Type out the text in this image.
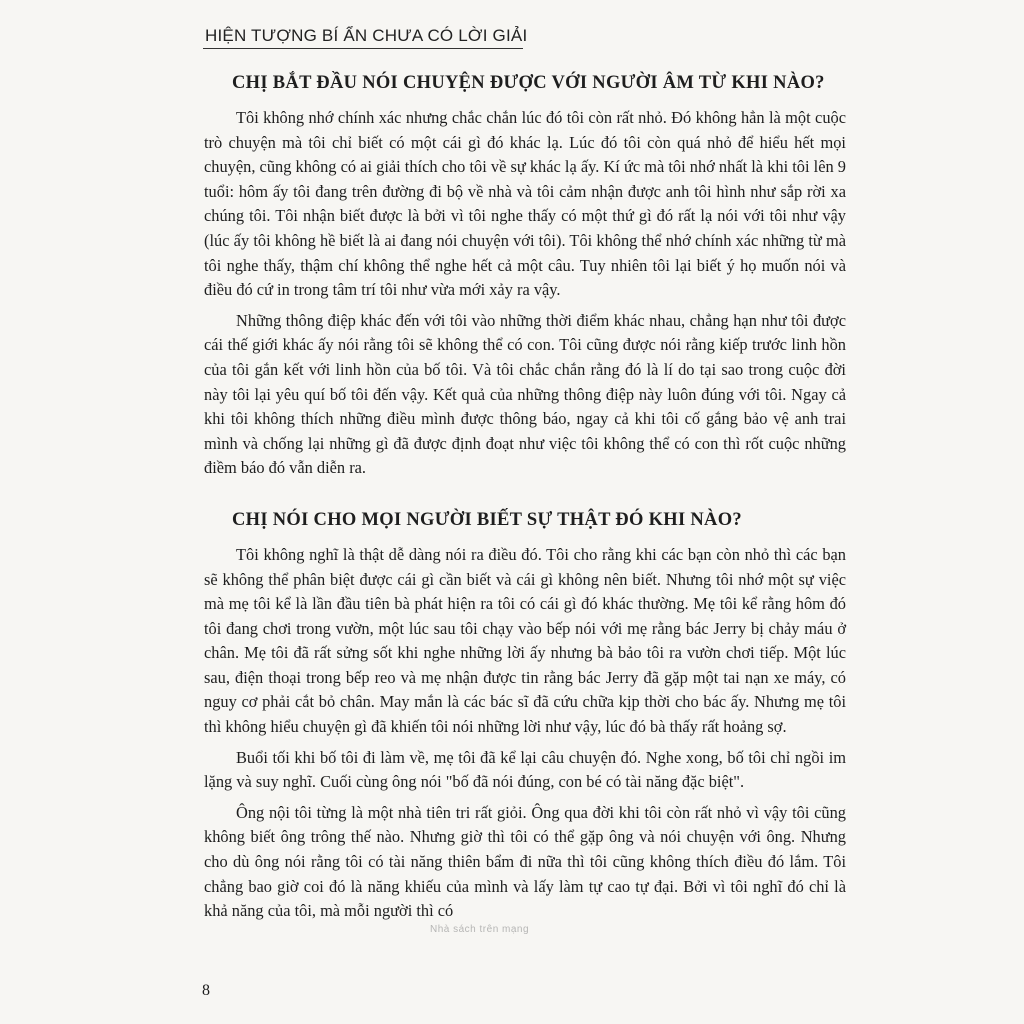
HIỆN TƯỢNG BÍ ẨN CHƯA CÓ LỜI GIẢI
CHỊ BẮT ĐẦU NÓI CHUYỆN ĐƯỢC VỚI NGƯỜI ÂM TỪ KHI NÀO?

Tôi không nhớ chính xác nhưng chắc chắn lúc đó tôi còn rất nhỏ. Đó không hẳn là một cuộc trò chuyện mà tôi chỉ biết có một cái gì đó khác lạ. Lúc đó tôi còn quá nhỏ để hiểu hết mọi chuyện, cũng không có ai giải thích cho tôi về sự khác lạ ấy. Kí ức mà tôi nhớ nhất là khi tôi lên 9 tuổi: hôm ấy tôi đang trên đường đi bộ về nhà và tôi cảm nhận được anh tôi hình như sắp rời xa chúng tôi. Tôi nhận biết được là bởi vì tôi nghe thấy có một thứ gì đó rất lạ nói với tôi như vậy (lúc ấy tôi không hề biết là ai đang nói chuyện với tôi). Tôi không thể nhớ chính xác những từ mà tôi nghe thấy, thậm chí không thể nghe hết cả một câu. Tuy nhiên tôi lại biết ý họ muốn nói và điều đó cứ in trong tâm trí tôi như vừa mới xảy ra vậy.

Những thông điệp khác đến với tôi vào những thời điểm khác nhau, chẳng hạn như tôi được cái thế giới khác ấy nói rằng tôi sẽ không thể có con. Tôi cũng được nói rằng kiếp trước linh hồn của tôi gắn kết với linh hồn của bố tôi. Và tôi chắc chắn rằng đó là lí do tại sao trong cuộc đời này tôi lại yêu quí bố tôi đến vậy. Kết quả của những thông điệp này luôn đúng với tôi. Ngay cả khi tôi không thích những điều mình được thông báo, ngay cả khi tôi cố gắng bảo vệ anh trai mình và chống lại những gì đã được định đoạt như việc tôi không thể có con thì rốt cuộc những điềm báo đó vẫn diễn ra.

CHỊ NÓI CHO MỌI NGƯỜI BIẾT SỰ THẬT ĐÓ KHI NÀO?

Tôi không nghĩ là thật dễ dàng nói ra điều đó. Tôi cho rằng khi các bạn còn nhỏ thì các bạn sẽ không thể phân biệt được cái gì cần biết và cái gì không nên biết. Nhưng tôi nhớ một sự việc mà mẹ tôi kể là lần đầu tiên bà phát hiện ra tôi có cái gì đó khác thường. Mẹ tôi kể rằng hôm đó tôi đang chơi trong vườn, một lúc sau tôi chạy vào bếp nói với mẹ rằng bác Jerry bị chảy máu ở chân. Mẹ tôi đã rất sửng sốt khi nghe những lời ấy nhưng bà bảo tôi ra vườn chơi tiếp. Một lúc sau, điện thoại trong bếp reo và mẹ nhận được tin rằng bác Jerry đã gặp một tai nạn xe máy, có nguy cơ phải cắt bỏ chân. May mắn là các bác sĩ đã cứu chữa kịp thời cho bác ấy. Nhưng mẹ tôi thì không hiểu chuyện gì đã khiến tôi nói những lời như vậy, lúc đó bà thấy rất hoảng sợ.

Buổi tối khi bố tôi đi làm về, mẹ tôi đã kể lại câu chuyện đó. Nghe xong, bố tôi chỉ ngồi im lặng và suy nghĩ. Cuối cùng ông nói "bố đã nói đúng, con bé có tài năng đặc biệt".

Ông nội tôi từng là một nhà tiên tri rất giỏi. Ông qua đời khi tôi còn rất nhỏ vì vậy tôi cũng không biết ông trông thế nào. Nhưng giờ thì tôi có thể gặp ông và nói chuyện với ông. Nhưng cho dù ông nói rằng tôi có tài năng thiên bẩm đi nữa thì tôi cũng không thích điều đó lắm. Tôi chẳng bao giờ coi đó là năng khiếu của mình và lấy làm tự cao tự đại. Bởi vì tôi nghĩ đó chỉ là khả năng của tôi, mà mỗi người thì có

Nhà sách trên mạng
8
